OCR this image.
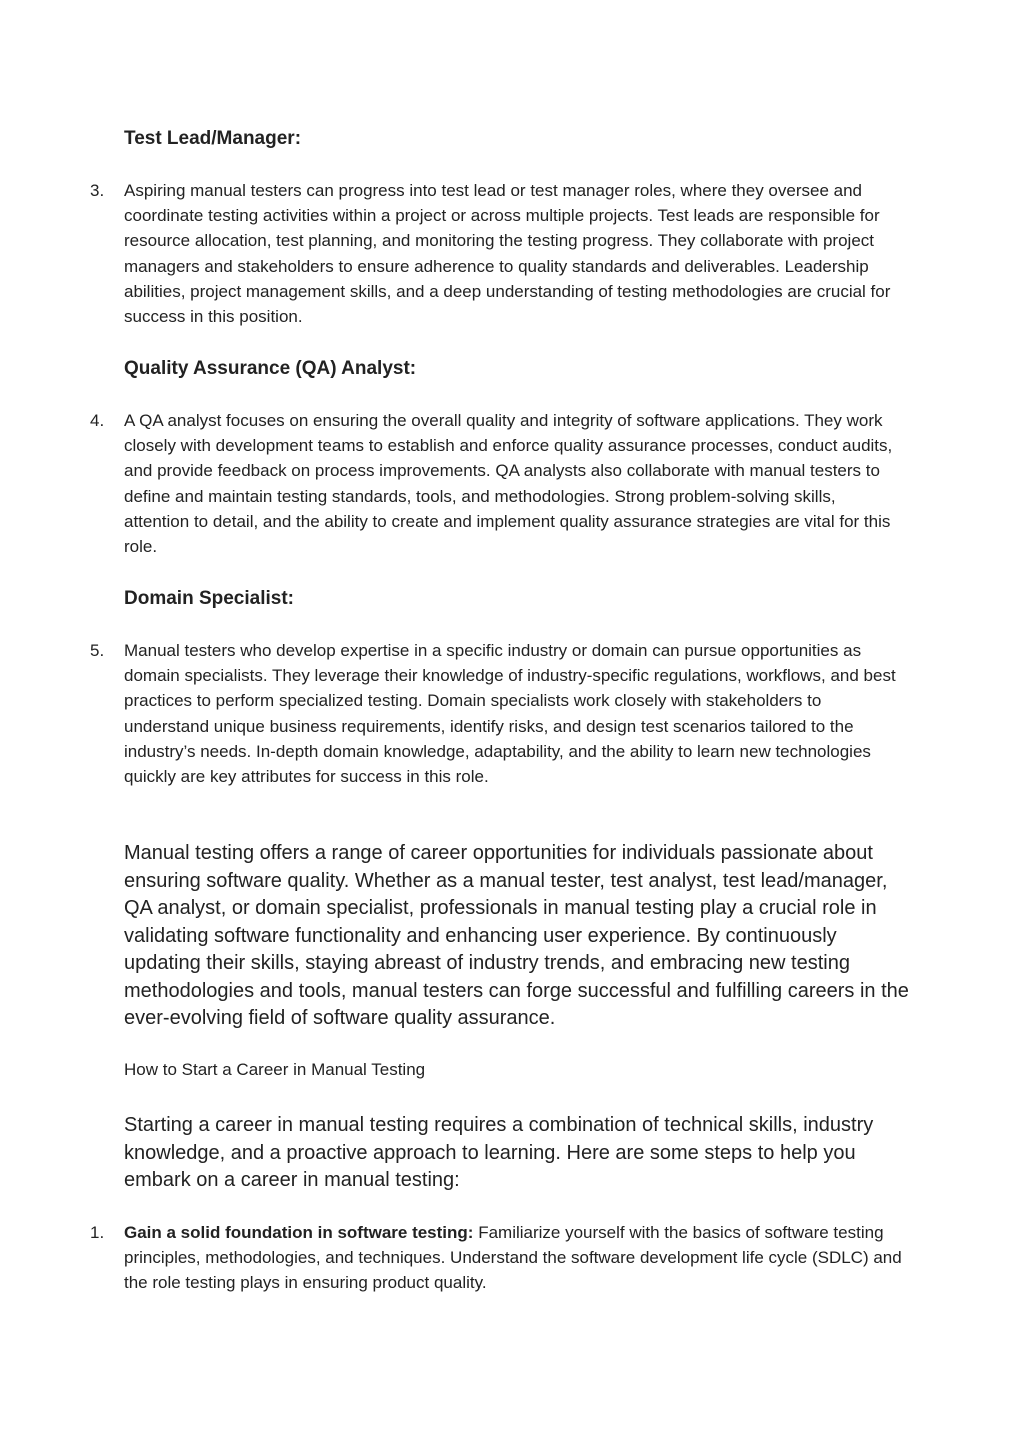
Test Lead/Manager:
3.	Aspiring manual testers can progress into test lead or test manager roles, where they oversee and coordinate testing activities within a project or across multiple projects. Test leads are responsible for resource allocation, test planning, and monitoring the testing progress. They collaborate with project managers and stakeholders to ensure adherence to quality standards and deliverables. Leadership abilities, project management skills, and a deep understanding of testing methodologies are crucial for success in this position.
Quality Assurance (QA) Analyst:
4.	A QA analyst focuses on ensuring the overall quality and integrity of software applications. They work closely with development teams to establish and enforce quality assurance processes, conduct audits, and provide feedback on process improvements. QA analysts also collaborate with manual testers to define and maintain testing standards, tools, and methodologies. Strong problem-solving skills, attention to detail, and the ability to create and implement quality assurance strategies are vital for this role.
Domain Specialist:
5.	Manual testers who develop expertise in a specific industry or domain can pursue opportunities as domain specialists. They leverage their knowledge of industry-specific regulations, workflows, and best practices to perform specialized testing. Domain specialists work closely with stakeholders to understand unique business requirements, identify risks, and design test scenarios tailored to the industry’s needs. In-depth domain knowledge, adaptability, and the ability to learn new technologies quickly are key attributes for success in this role.
Manual testing offers a range of career opportunities for individuals passionate about ensuring software quality. Whether as a manual tester, test analyst, test lead/manager, QA analyst, or domain specialist, professionals in manual testing play a crucial role in validating software functionality and enhancing user experience. By continuously updating their skills, staying abreast of industry trends, and embracing new testing methodologies and tools, manual testers can forge successful and fulfilling careers in the ever-evolving field of software quality assurance.
How to Start a Career in Manual Testing
Starting a career in manual testing requires a combination of technical skills, industry knowledge, and a proactive approach to learning. Here are some steps to help you embark on a career in manual testing:
1.	Gain a solid foundation in software testing: Familiarize yourself with the basics of software testing principles, methodologies, and techniques. Understand the software development life cycle (SDLC) and the role testing plays in ensuring product quality.
